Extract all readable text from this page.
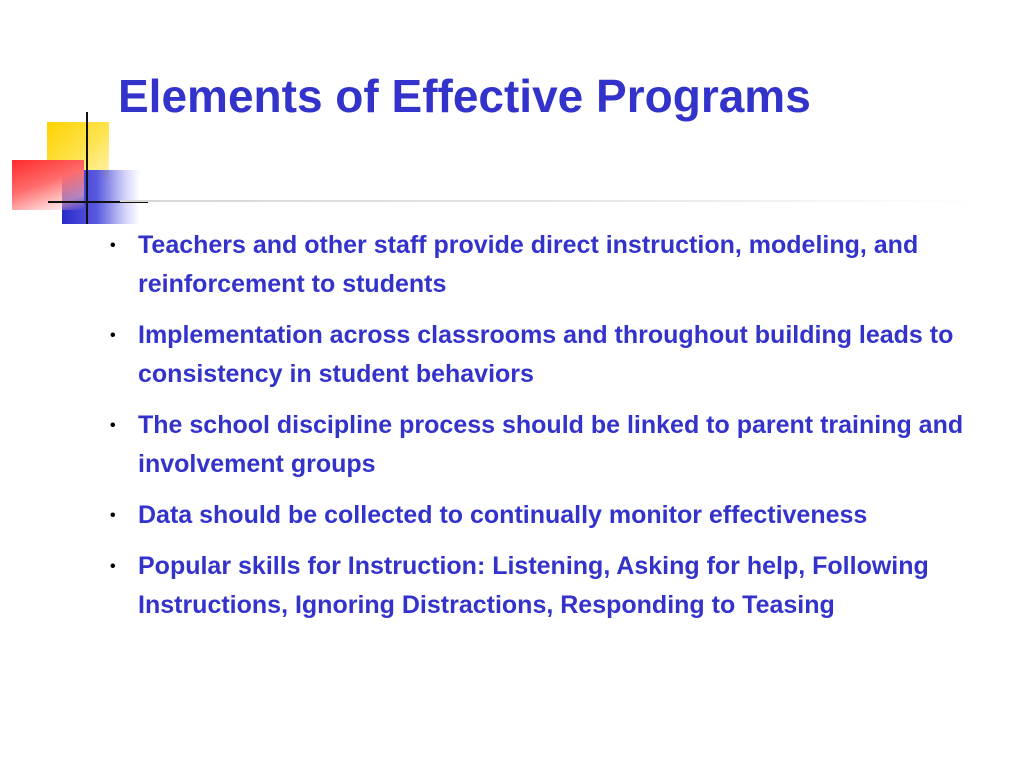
Elements of Effective Programs
• Teachers and other staff provide direct instruction, modeling, and reinforcement to students
• Implementation across classrooms and throughout building leads to consistency in student behaviors
• The school discipline process should be linked to parent training and involvement groups
• Data should be collected to continually monitor effectiveness
• Popular skills for Instruction: Listening, Asking for help, Following Instructions, Ignoring Distractions, Responding to Teasing
